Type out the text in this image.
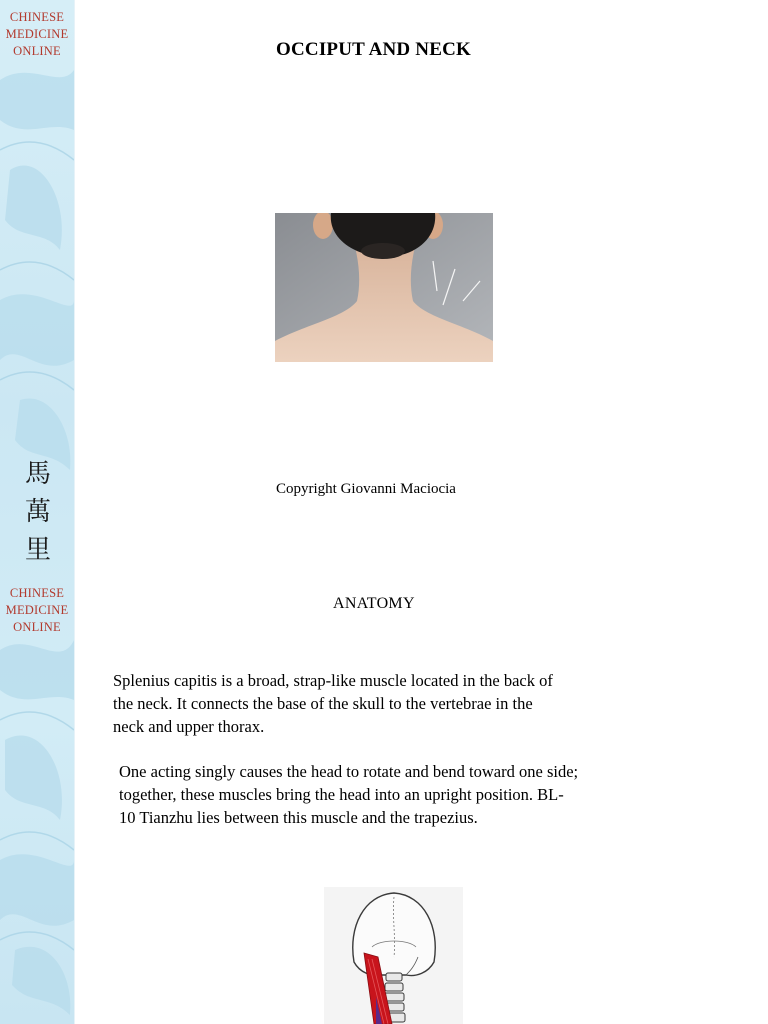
CHINESE
MEDICINE
ONLINE
馬
萬
里
CHINESE
MEDICINE
ONLINE
OCCIPUT AND NECK
Copyright Giovanni Maciocia
ANATOMY

Splenius capitis is a broad, strap-like muscle located in the back of
the neck. It connects the base of the skull to the vertebrae in the
neck and upper thorax.

One acting singly causes the head to rotate and bend toward one side;
together, these muscles bring the head into an upright position. BL-
10 Tianzhu lies between this muscle and the trapezius.
